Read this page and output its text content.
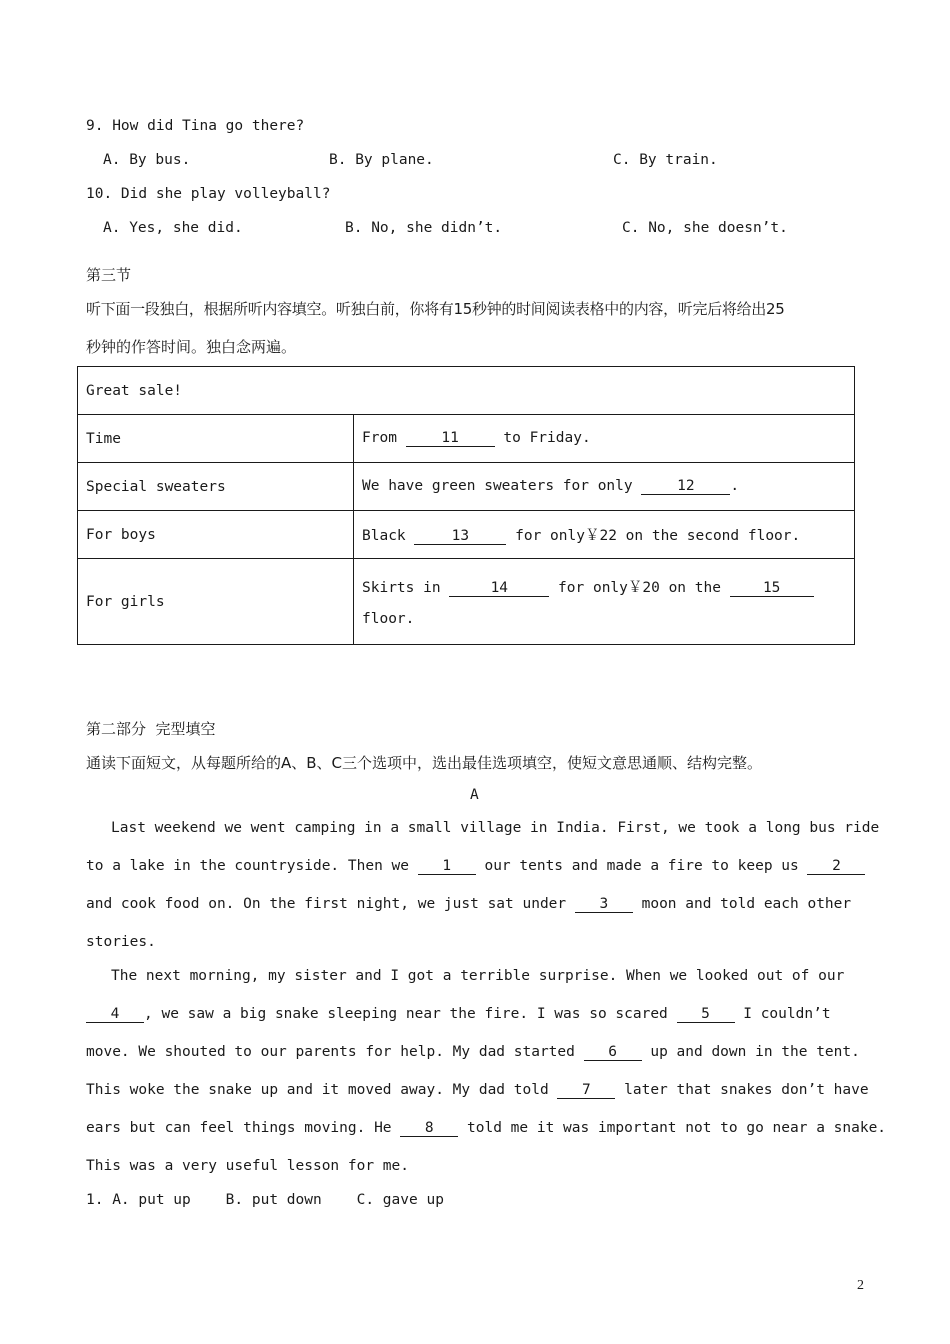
9. How did Tina go there?
A. By bus.	B. By plane.	C. By train.
10. Did she play volleyball?
A. Yes, she did.	B. No, she didn’t.	C. No, she doesn’t.
第三节
听下面一段独白，根据所听内容填空。听独白前，你将有15秒钟的时间阅读表格中的内容，听完后将给出25
秒钟的作答时间。独白念两遍。
Great sale!	
Time	From 11 to Friday.
Special sweaters	We have green sweaters for only 12 .
For boys	Black 13 for only￥22 on the second floor.
For girls	Skirts in 14 for only￥20 on the 15
floor.
第二部分  完型填空
通读下面短文，从每题所给的A、B、C三个选项中，选出最佳选项填空，使短文意思通顺、结构完整。
A
Last weekend we went camping in a small village in India. First, we took a long bus ride
to a lake in the countryside. Then we 1 our tents and made a fire to keep us 2
and cook food on. On the first night, we just sat under 3 moon and told each other
stories.
The next morning, my sister and I got a terrible surprise. When we looked out of our
4 , we saw a big snake sleeping near the fire. I was so scared 5 I couldn’t
move. We shouted to our parents for help. My dad started 6 up and down in the tent.
This woke the snake up and it moved away. My dad told 7 later that snakes don’t have
ears but can feel things moving. He 8 told me it was important not to go near a snake.
This was a very useful lesson for me.
1. A. put up    B. put down    C. gave up
2
